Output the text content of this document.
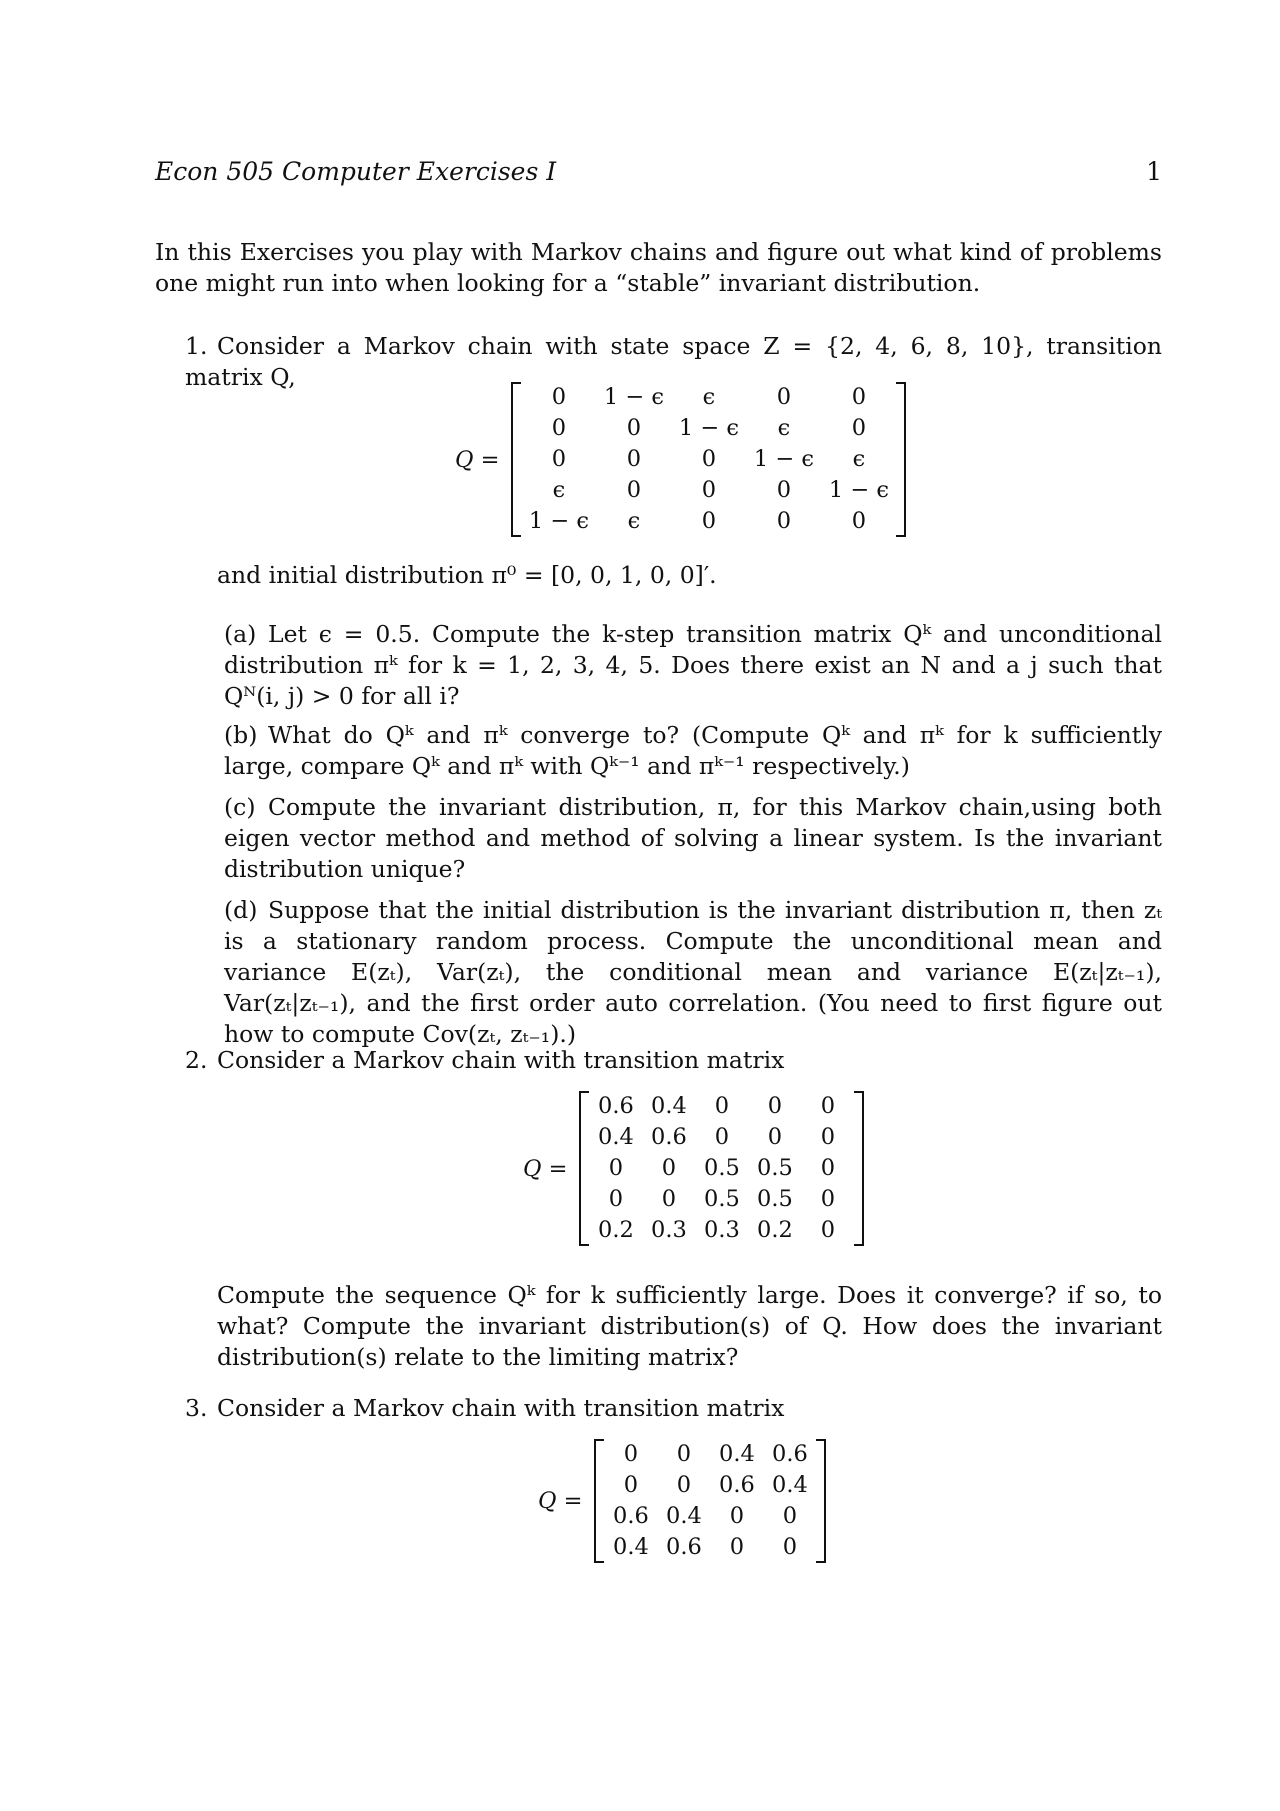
Econ 505 Computer Exercises I	1

In this Exercises you play with Markov chains and figure out what kind of problems one might run into when looking for a “stable” invariant distribution.

1. Consider a Markov chain with state space Z = {2, 4, 6, 8, 10}, transition matrix Q,

Q =
0	1 − ϵ	ϵ	0	0
0	0	1 − ϵ	ϵ	0
0	0	0	1 − ϵ	ϵ
ϵ	0	0	0	1 − ϵ
1 − ϵ	ϵ	0	0	0

and initial distribution π⁰ = [0, 0, 1, 0, 0]′.

(a) Let ϵ = 0.5. Compute the k-step transition matrix Qᵏ and unconditional distribution πᵏ for k = 1, 2, 3, 4, 5. Does there exist an N and a j such that Qᴺ(i, j) > 0 for all i?

(b) What do Qᵏ and πᵏ converge to? (Compute Qᵏ and πᵏ for k sufficiently large, compare Qᵏ and πᵏ with Qᵏ⁻¹ and πᵏ⁻¹ respectively.)

(c) Compute the invariant distribution, π, for this Markov chain,using both eigen vector method and method of solving a linear system. Is the invariant distribution unique?

(d) Suppose that the initial distribution is the invariant distribution π, then zₜ is a stationary random process. Compute the unconditional mean and variance E(zₜ), Var(zₜ), the conditional mean and variance E(zₜ|zₜ₋₁), Var(zₜ|zₜ₋₁), and the first order auto correlation. (You need to first figure out how to compute Cov(zₜ, zₜ₋₁).)

2. Consider a Markov chain with transition matrix

Q =
0.6	0.4	0	0	0
0.4	0.6	0	0	0
0	0	0.5	0.5	0
0	0	0.5	0.5	0
0.2	0.3	0.3	0.2	0

Compute the sequence Qᵏ for k sufficiently large. Does it converge? if so, to what? Compute the invariant distribution(s) of Q. How does the invariant distribution(s) relate to the limiting matrix?

3. Consider a Markov chain with transition matrix

Q =
0	0	0.4	0.6
0	0	0.6	0.4
0.6	0.4	0	0
0.4	0.6	0	0
